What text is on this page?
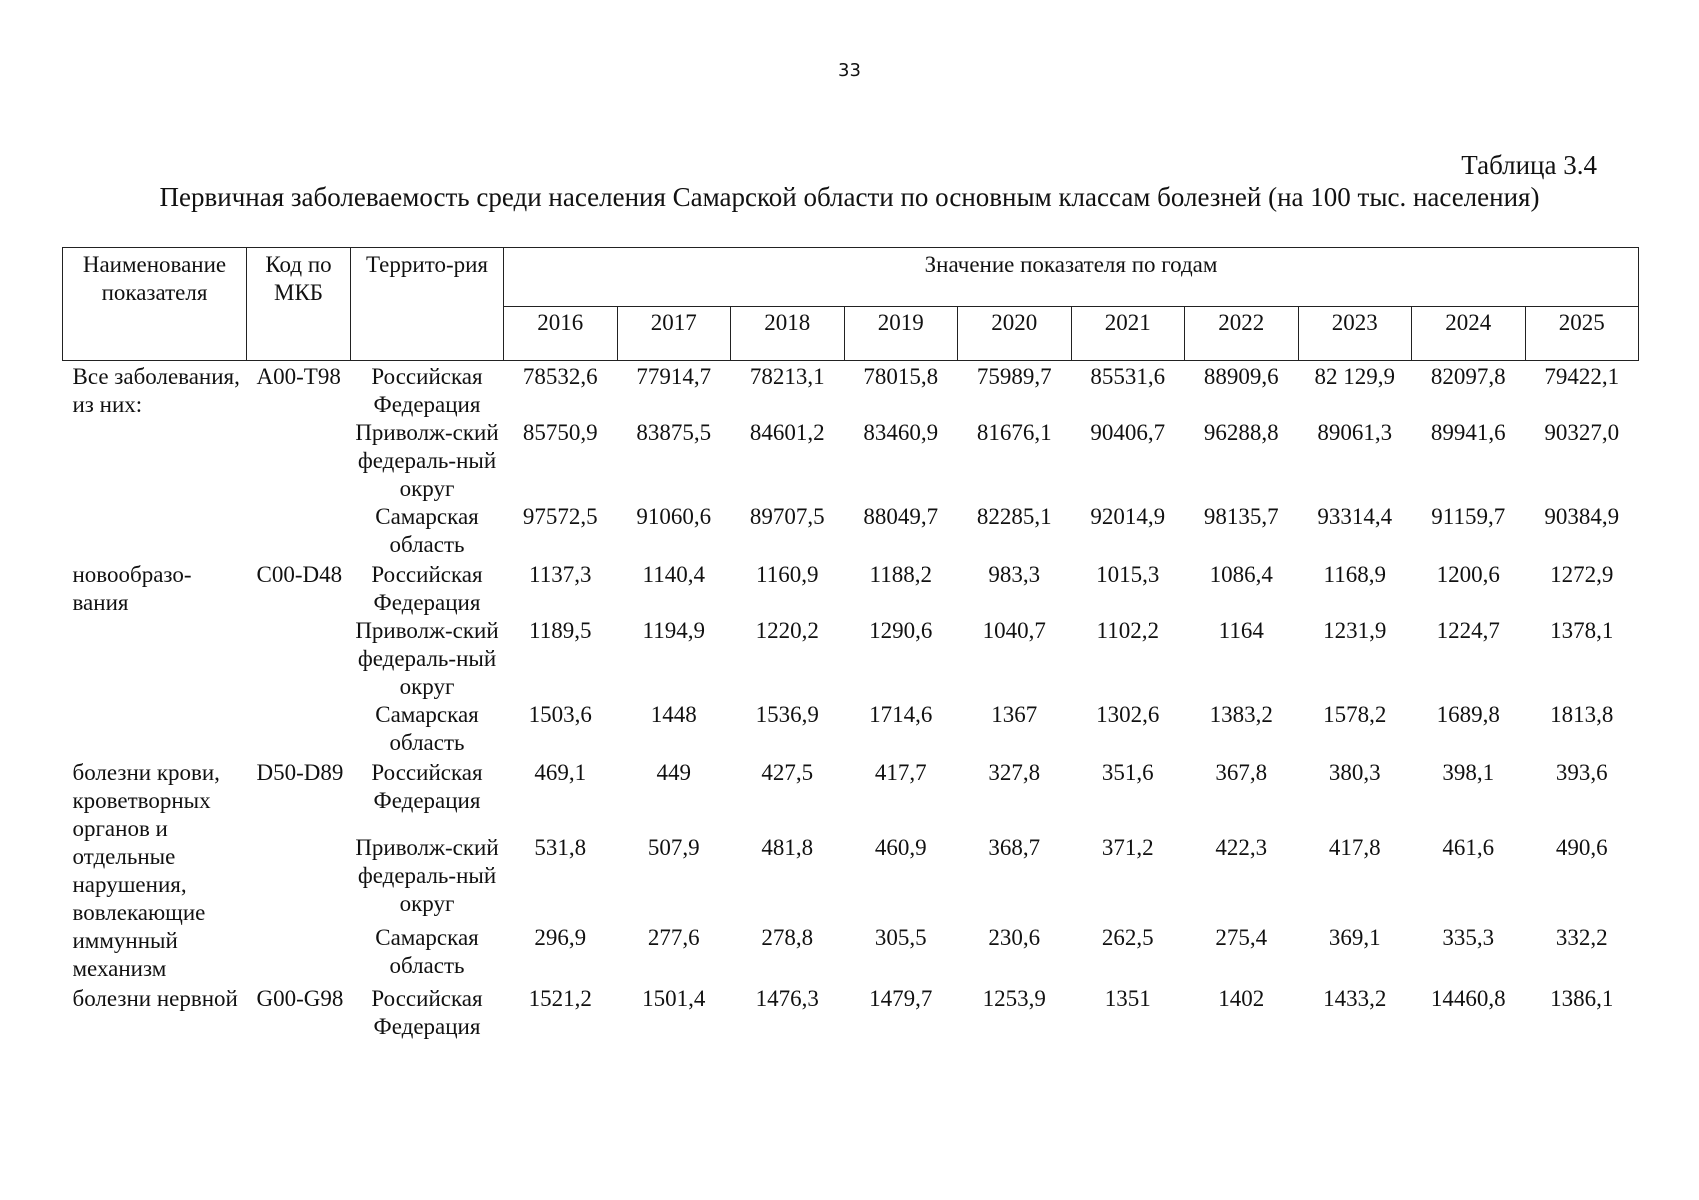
33
Таблица 3.4
Первичная заболеваемость среди населения Самарской области по основным классам болезней (на 100 тыс. населения)
Наименование показателя	Код по МКБ	Террито-рия	Значение показателя по годам									
			2016	2017	2018	2019	2020	2021	2022	2023	2024	2025
Все заболевания, из них:	A00-T98	Российская Федерация	78532,6	77914,7	78213,1	78015,8	75989,7	85531,6	88909,6	82 129,9	82097,8	79422,1
		Приволж-ский федераль-ный округ	85750,9	83875,5	84601,2	83460,9	81676,1	90406,7	96288,8	89061,3	89941,6	90327,0
		Самарская область	97572,5	91060,6	89707,5	88049,7	82285,1	92014,9	98135,7	93314,4	91159,7	90384,9
новообразо-вания	C00-D48	Российская Федерация	1137,3	1140,4	1160,9	1188,2	983,3	1015,3	1086,4	1168,9	1200,6	1272,9
		Приволж-ский федераль-ный округ	1189,5	1194,9	1220,2	1290,6	1040,7	1102,2	1164	1231,9	1224,7	1378,1
		Самарская область	1503,6	1448	1536,9	1714,6	1367	1302,6	1383,2	1578,2	1689,8	1813,8
болезни крови, кроветворных органов и отдельные нарушения, вовлекающие иммунный механизм	D50-D89	Российская Федерация	469,1	449	427,5	417,7	327,8	351,6	367,8	380,3	398,1	393,6
		Приволж-ский федераль-ный округ	531,8	507,9	481,8	460,9	368,7	371,2	422,3	417,8	461,6	490,6
		Самарская область	296,9	277,6	278,8	305,5	230,6	262,5	275,4	369,1	335,3	332,2
болезни нервной	G00-G98	Российская Федерация	1521,2	1501,4	1476,3	1479,7	1253,9	1351	1402	1433,2	14460,8	1386,1
